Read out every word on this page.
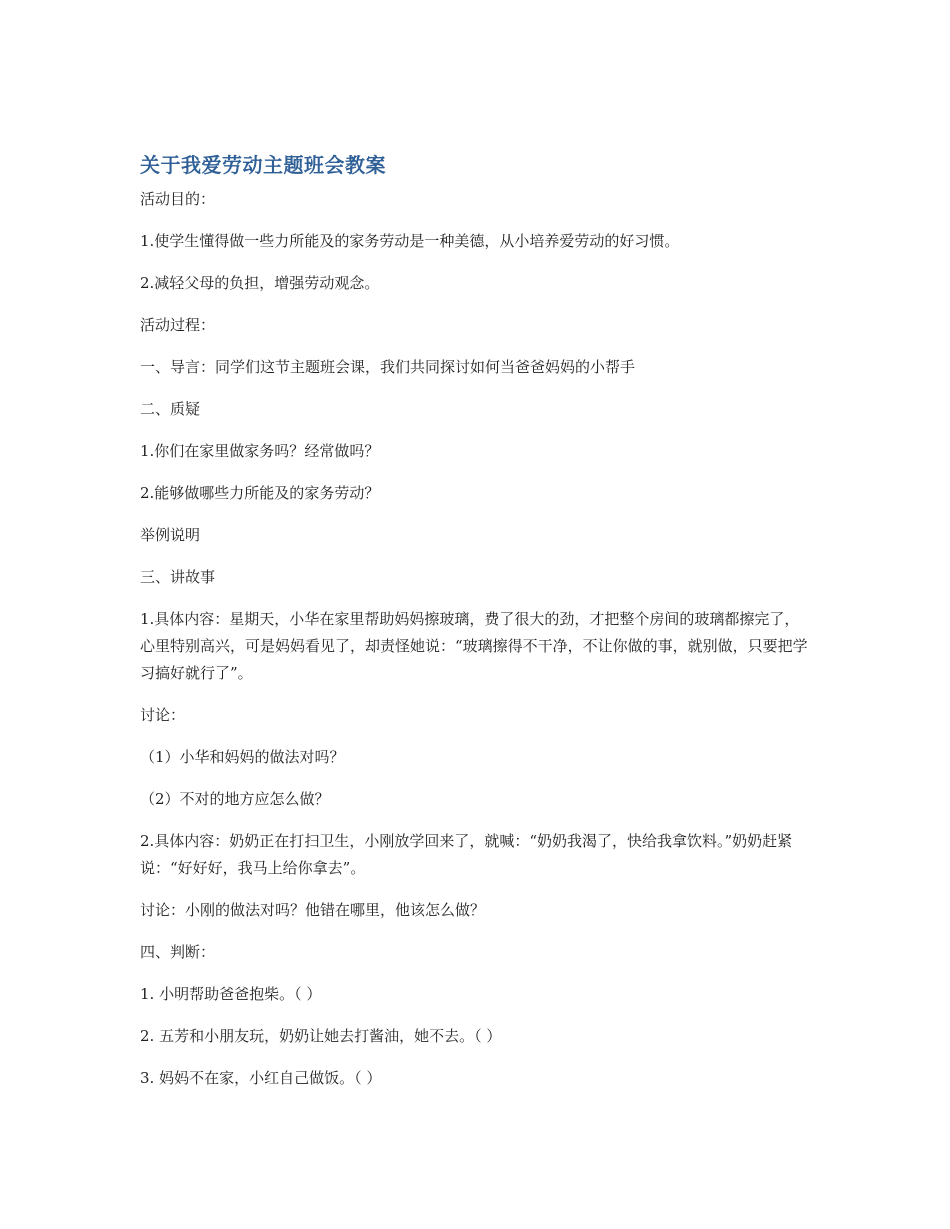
关于我爱劳动主题班会教案

活动目的：

1.使学生懂得做一些力所能及的家务劳动是一种美德，从小培养爱劳动的好习惯。

2.减轻父母的负担，增强劳动观念。

活动过程：

一、导言：同学们这节主题班会课，我们共同探讨如何当爸爸妈妈的小帮手

二、质疑

1.你们在家里做家务吗？经常做吗？

2.能够做哪些力所能及的家务劳动？

举例说明

三、讲故事

1.具体内容：星期天，小华在家里帮助妈妈擦玻璃，费了很大的劲，才把整个房间的玻璃都擦完了，心里特别高兴，可是妈妈看见了，却责怪她说：“玻璃擦得不干净，不让你做的事，就别做，只要把学习搞好就行了”。

讨论：

（1）小华和妈妈的做法对吗？

（2）不对的地方应怎么做？

2.具体内容：奶奶正在打扫卫生，小刚放学回来了，就喊：“奶奶我渴了，快给我拿饮料。”奶奶赶紧说：“好好好，我马上给你拿去”。

讨论：小刚的做法对吗？他错在哪里，他该怎么做？

四、判断：

1. 小明帮助爸爸抱柴。（ ）

2. 五芳和小朋友玩，奶奶让她去打酱油，她不去。（ ）

3. 妈妈不在家，小红自己做饭。（ ）
